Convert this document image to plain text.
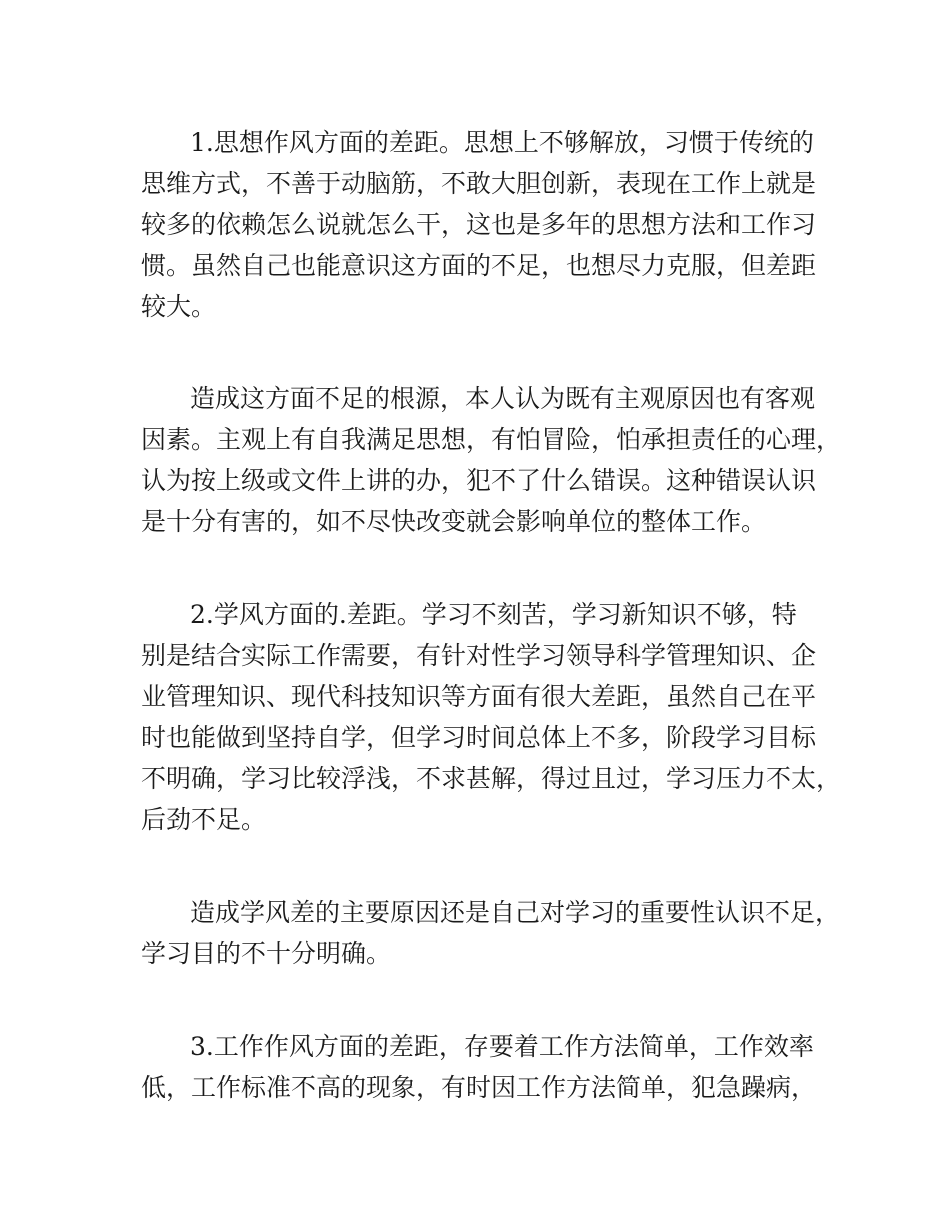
1.思想作风方面的差距。思想上不够解放，习惯于传统的
思维方式，不善于动脑筋，不敢大胆创新，表现在工作上就是
较多的依赖怎么说就怎么干，这也是多年的思想方法和工作习
惯。虽然自己也能意识这方面的不足，也想尽力克服，但差距
较大。
造成这方面不足的根源，本人认为既有主观原因也有客观
因素。主观上有自我满足思想，有怕冒险，怕承担责任的心理，
认为按上级或文件上讲的办，犯不了什么错误。这种错误认识
是十分有害的，如不尽快改变就会影响单位的整体工作。
2.学风方面的.差距。学习不刻苦，学习新知识不够，特
别是结合实际工作需要，有针对性学习领导科学管理知识、企
业管理知识、现代科技知识等方面有很大差距，虽然自己在平
时也能做到坚持自学，但学习时间总体上不多，阶段学习目标
不明确，学习比较浮浅，不求甚解，得过且过，学习压力不太，
后劲不足。
造成学风差的主要原因还是自己对学习的重要性认识不足，
学习目的不十分明确。
3.工作作风方面的差距，存要着工作方法简单，工作效率
低，工作标准不高的现象，有时因工作方法简单，犯急躁病，
